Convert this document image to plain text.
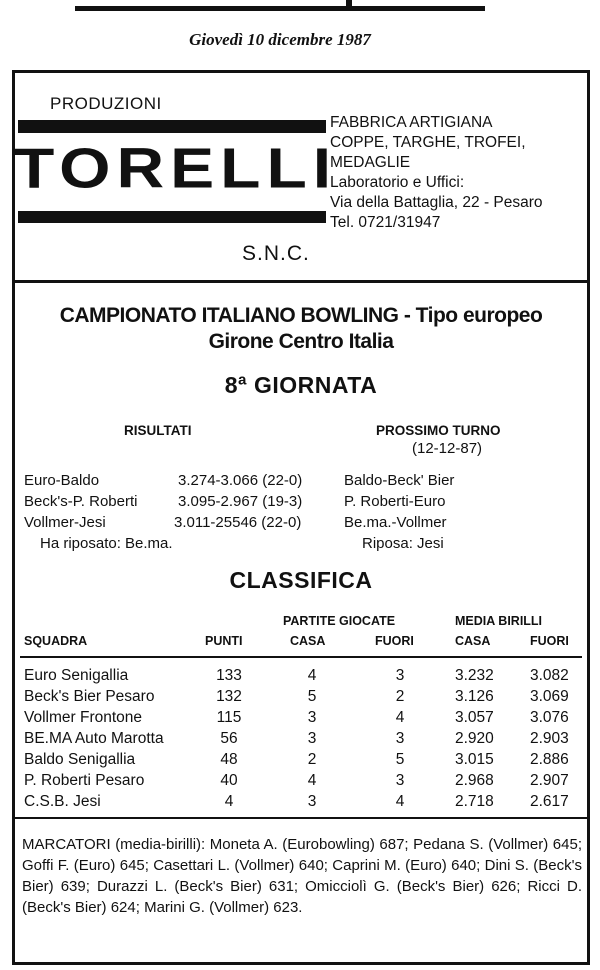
Giovedì 10 dicembre 1987
PRODUZIONI
TORELLI
S.N.C.
FABBRICA ARTIGIANA
COPPE, TARGHE, TROFEI,
MEDAGLIE
Laboratorio e Uffici:
Via della Battaglia, 22 - Pesaro
Tel. 0721/31947
CAMPIONATO ITALIANO BOWLING - Tipo europeo
Girone Centro Italia
8ª GIORNATA
RISULTATI	PROSSIMO TURNO
(12-12-87)
Euro-Baldo	3.274-3.066 (22-0)
Beck's-P. Roberti	3.095-2.967 (19-3)
Vollmer-Jesi	3.011-25546 (22-0)
Ha riposato: Be.ma.
Baldo-Beck' Bier
P. Roberti-Euro
Be.ma.-Vollmer
Riposa: Jesi
CLASSIFICA
PARTITE GIOCATE	MEDIA BIRILLI
SQUADRA	PUNTI	CASA	FUORI	CASA	FUORI
Euro Senigallia	133	4	3	3.232 3.082
Beck's Bier Pesaro	132	5	2	3.126 3.069
Vollmer Frontone	115	3	4	3.057 3.076
BE.MA Auto Marotta	56	3	3	2.920 2.903
Baldo Senigallia	48	2	5	3.015 2.886
P. Roberti Pesaro	40	4	3	2.968 2.907
C.S.B. Jesi	4	3	4	2.718 2.617
MARCATORI (media-birilli): Moneta A. (Eurobowling) 687; Pedana S. (Vollmer) 645; Goffi F. (Euro) 645; Casettari L. (Vollmer) 640; Caprini M. (Euro) 640; Dini S. (Beck's Bier) 639; Durazzi L. (Beck's Bier) 631; Omicciolì G. (Beck's Bier) 626; Ricci D. (Beck's Bier) 624; Marini G. (Vollmer) 623.
